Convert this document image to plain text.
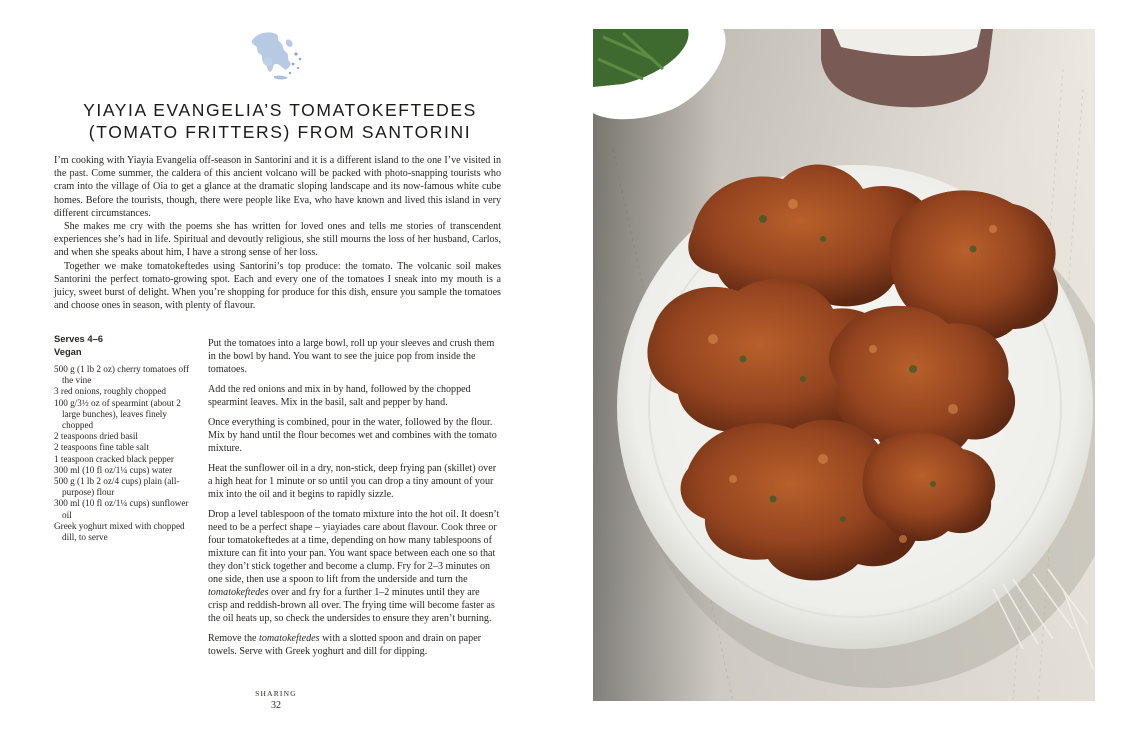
YIAYIA EVANGELIA’S TOMATOKEFTEDES
(TOMATO FRITTERS) FROM SANTORINI

I’m cooking with Yiayia Evangelia off-season in Santorini and it is a different island to the one I’ve visited in the past. Come summer, the caldera of this ancient volcano will be packed with photo-snapping tourists who cram into the village of Oia to get a glance at the dramatic sloping landscape and its now-famous white cube homes. Before the tourists, though, there were people like Eva, who have known and lived this island in very different circumstances.

She makes me cry with the poems she has written for loved ones and tells me stories of transcendent experiences she’s had in life. Spiritual and devoutly religious, she still mourns the loss of her husband, Carlos, and when she speaks about him, I have a strong sense of her loss.

Together we make tomatokeftedes using Santorini’s top produce: the tomato. The volcanic soil makes Santorini the perfect tomato-growing spot. Each and every one of the tomatoes I sneak into my mouth is a juicy, sweet burst of delight. When you’re shopping for produce for this dish, ensure you sample the tomatoes and choose ones in season, with plenty of flavour.

Serves 4–6
Vegan
500 g (1 lb 2 oz) cherry tomatoes off the vine
3 red onions, roughly chopped
100 g/3½ oz of spearmint (about 2 large bunches), leaves finely chopped
2 teaspoons dried basil
2 teaspoons fine table salt
1 teaspoon cracked black pepper
300 ml (10 fl oz/1¼ cups) water
500 g (1 lb 2 oz/4 cups) plain (all-purpose) flour
300 ml (10 fl oz/1¼ cups) sunflower oil
Greek yoghurt mixed with chopped dill, to serve

Put the tomatoes into a large bowl, roll up your sleeves and crush them in the bowl by hand. You want to see the juice pop from inside the tomatoes.

Add the red onions and mix in by hand, followed by the chopped spearmint leaves. Mix in the basil, salt and pepper by hand.

Once everything is combined, pour in the water, followed by the flour. Mix by hand until the flour becomes wet and combines with the tomato mixture.

Heat the sunflower oil in a dry, non-stick, deep frying pan (skillet) over a high heat for 1 minute or so until you can drop a tiny amount of your mix into the oil and it begins to rapidly sizzle.

Drop a level tablespoon of the tomato mixture into the hot oil. It doesn’t need to be a perfect shape – yiayiades care about flavour. Cook three or four tomatokeftedes at a time, depending on how many tablespoons of mixture can fit into your pan. You want space between each one so that they don’t stick together and become a clump. Fry for 2–3 minutes on one side, then use a spoon to lift from the underside and turn the tomatokeftedes over and fry for a further 1–2 minutes until they are crisp and reddish-brown all over. The frying time will become faster as the oil heats up, so check the undersides to ensure they aren’t burning.

Remove the tomatokeftedes with a slotted spoon and drain on paper towels. Serve with Greek yoghurt and dill for dipping.

SHARING
32
